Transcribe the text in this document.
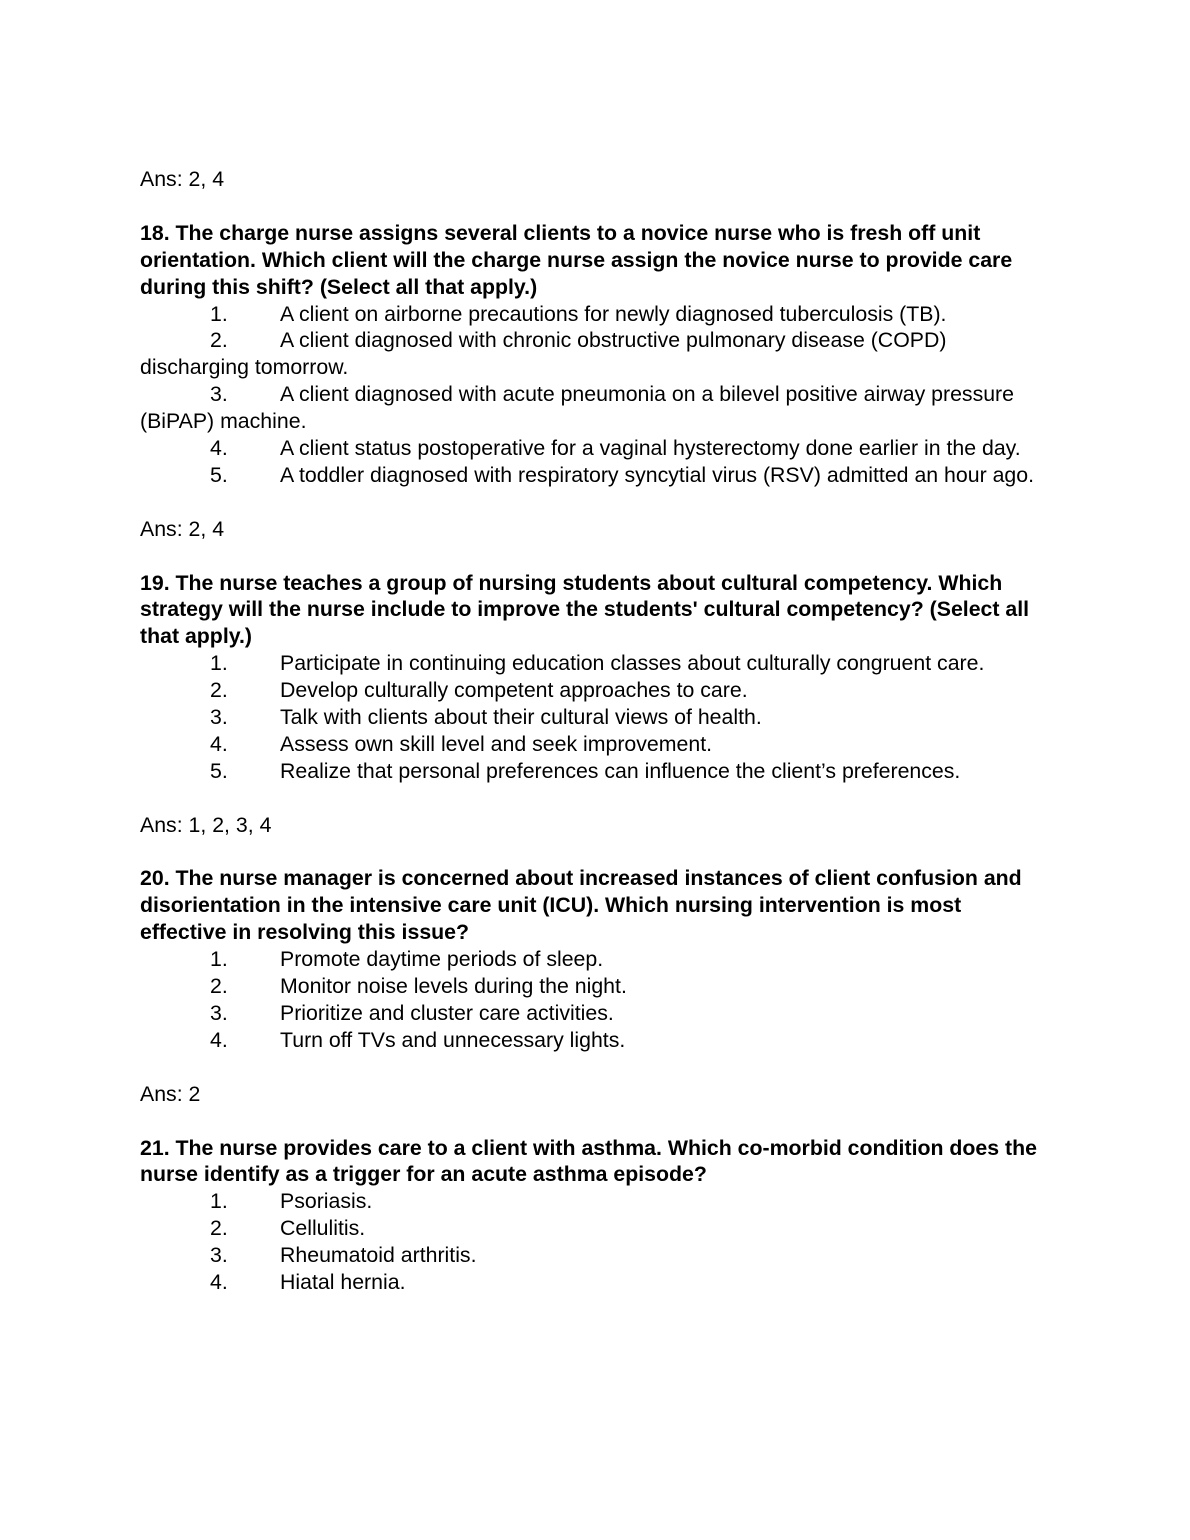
Ans: 2, 4

18. The charge nurse assigns several clients to a novice nurse who is fresh off unit orientation. Which client will the charge nurse assign the novice nurse to provide care during this shift? (Select all that apply.)

1. A client on airborne precautions for newly diagnosed tuberculosis (TB).

2. A client diagnosed with chronic obstructive pulmonary disease (COPD) discharging tomorrow.

3. A client diagnosed with acute pneumonia on a bilevel positive airway pressure (BiPAP) machine.

4. A client status postoperative for a vaginal hysterectomy done earlier in the day.

5. A toddler diagnosed with respiratory syncytial virus (RSV) admitted an hour ago.

Ans: 2, 4

19. The nurse teaches a group of nursing students about cultural competency. Which strategy will the nurse include to improve the students' cultural competency? (Select all that apply.)

1. Participate in continuing education classes about culturally congruent care.

2. Develop culturally competent approaches to care.

3. Talk with clients about their cultural views of health.

4. Assess own skill level and seek improvement.

5. Realize that personal preferences can influence the client’s preferences.

Ans: 1, 2, 3, 4

20. The nurse manager is concerned about increased instances of client confusion and disorientation in the intensive care unit (ICU). Which nursing intervention is most effective in resolving this issue?

1. Promote daytime periods of sleep.

2. Monitor noise levels during the night.

3. Prioritize and cluster care activities.

4. Turn off TVs and unnecessary lights.

Ans: 2

21. The nurse provides care to a client with asthma. Which co-morbid condition does the nurse identify as a trigger for an acute asthma episode?

1. Psoriasis.

2. Cellulitis.

3. Rheumatoid arthritis.

4. Hiatal hernia.
